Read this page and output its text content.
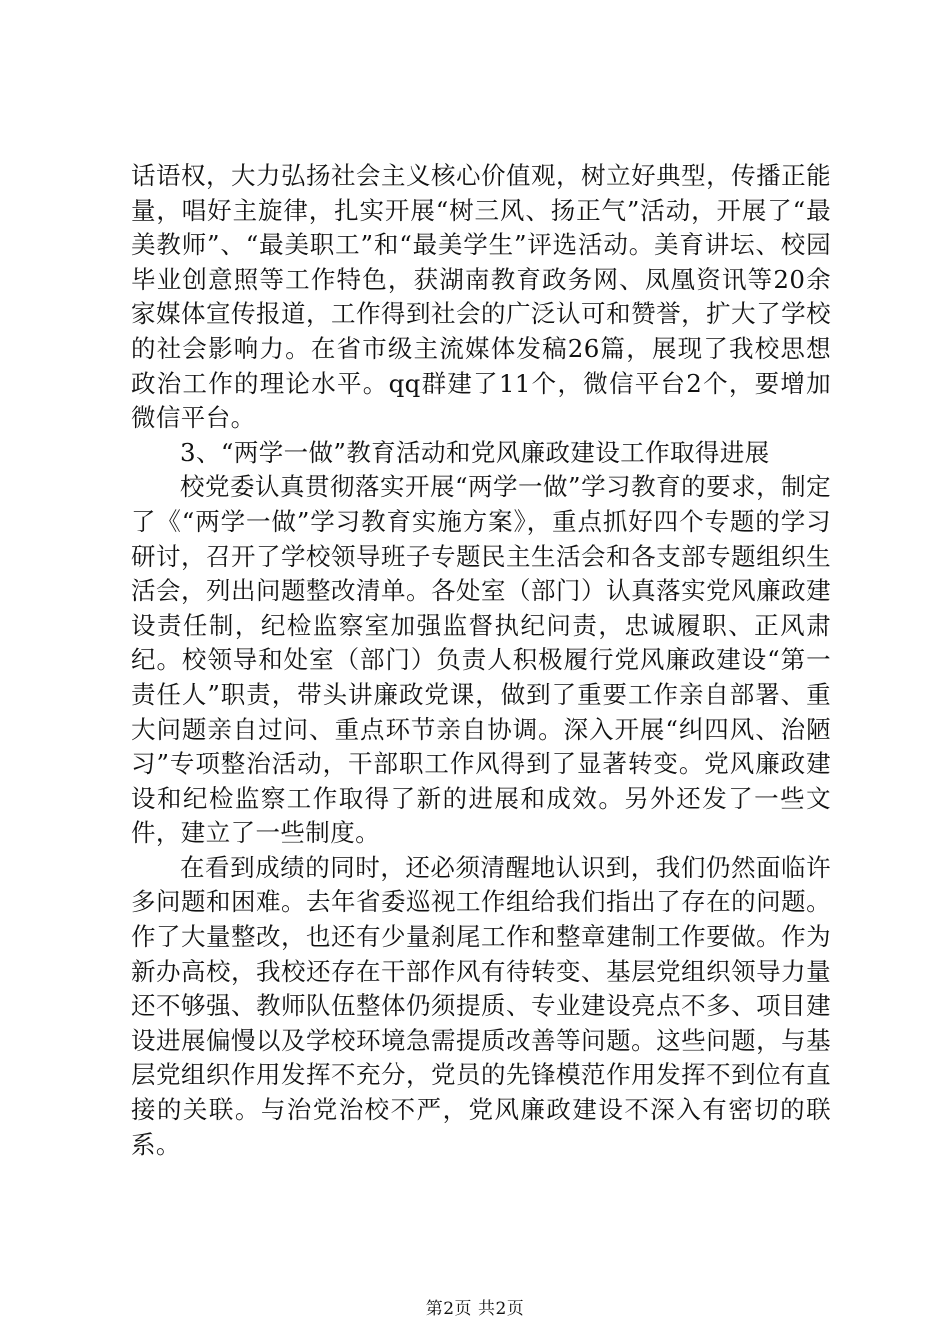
话语权，大力弘扬社会主义核心价值观，树立好典型，传播正能量，唱好主旋律，扎实开展“树三风、扬正气”活动，开展了“最美教师”、“最美职工”和“最美学生”评选活动。美育讲坛、校园毕业创意照等工作特色，获湖南教育政务网、凤凰资讯等20余家媒体宣传报道，工作得到社会的广泛认可和赞誉，扩大了学校的社会影响力。在省市级主流媒体发稿26篇，展现了我校思想政治工作的理论水平。qq群建了11个，微信平台2个，要增加微信平台。

3、“两学一做”教育活动和党风廉政建设工作取得进展

校党委认真贯彻落实开展“两学一做”学习教育的要求，制定了《“两学一做”学习教育实施方案》，重点抓好四个专题的学习研讨，召开了学校领导班子专题民主生活会和各支部专题组织生活会，列出问题整改清单。各处室（部门）认真落实党风廉政建设责任制，纪检监察室加强监督执纪问责，忠诚履职、正风肃纪。校领导和处室（部门）负责人积极履行党风廉政建设“第一责任人”职责，带头讲廉政党课，做到了重要工作亲自部署、重大问题亲自过问、重点环节亲自协调。深入开展“纠四风、治陋习”专项整治活动，干部职工作风得到了显著转变。党风廉政建设和纪检监察工作取得了新的进展和成效。另外还发了一些文件，建立了一些制度。

在看到成绩的同时，还必须清醒地认识到，我们仍然面临许多问题和困难。去年省委巡视工作组给我们指出了存在的问题。作了大量整改，也还有少量刹尾工作和整章建制工作要做。作为新办高校，我校还存在干部作风有待转变、基层党组织领导力量还不够强、教师队伍整体仍须提质、专业建设亮点不多、项目建设进展偏慢以及学校环境急需提质改善等问题。这些问题，与基层党组织作用发挥不充分，党员的先锋模范作用发挥不到位有直接的关联。与治党治校不严，党风廉政建设不深入有密切的联系。

第2页 共2页
